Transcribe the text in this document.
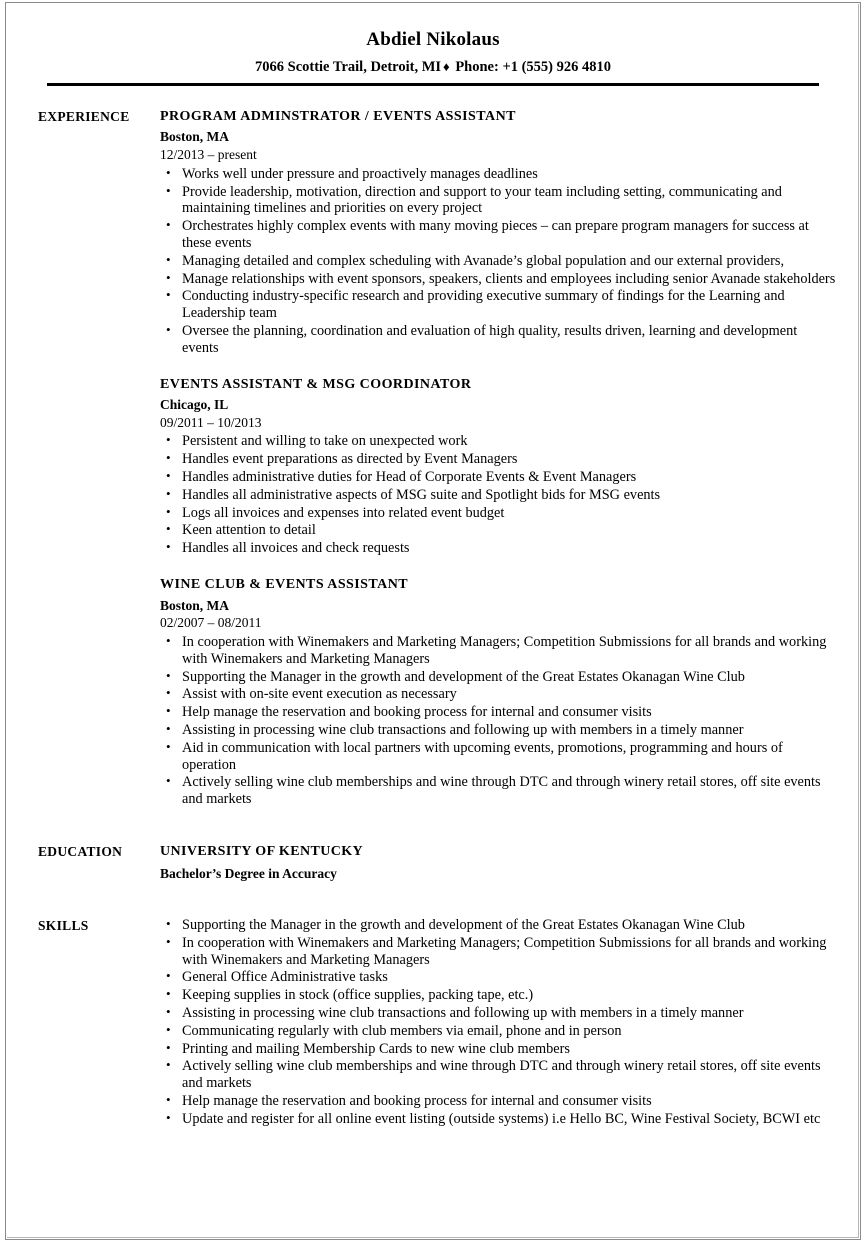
Abdiel Nikolaus
7066 Scottie Trail, Detroit, MI ♦ Phone: +1 (555) 926 4810
EXPERIENCE	PROGRAM ADMINSTRATOR / EVENTS ASSISTANT
Boston, MA
12/2013 – present
• Works well under pressure and proactively manages deadlines
• Provide leadership, motivation, direction and support to your team including setting, communicating and maintaining timelines and priorities on every project
• Orchestrates highly complex events with many moving pieces – can prepare program managers for success at these events
• Managing detailed and complex scheduling with Avanade’s global population and our external providers,
• Manage relationships with event sponsors, speakers, clients and employees including senior Avanade stakeholders
• Conducting industry-specific research and providing executive summary of findings for the Learning and Leadership team
• Oversee the planning, coordination and evaluation of high quality, results driven, learning and development events
EVENTS ASSISTANT & MSG COORDINATOR
Chicago, IL
09/2011 – 10/2013
• Persistent and willing to take on unexpected work
• Handles event preparations as directed by Event Managers
• Handles administrative duties for Head of Corporate Events & Event Managers
• Handles all administrative aspects of MSG suite and Spotlight bids for MSG events
• Logs all invoices and expenses into related event budget
• Keen attention to detail
• Handles all invoices and check requests
WINE CLUB & EVENTS ASSISTANT
Boston, MA
02/2007 – 08/2011
• In cooperation with Winemakers and Marketing Managers; Competition Submissions for all brands and working with Winemakers and Marketing Managers
• Supporting the Manager in the growth and development of the Great Estates Okanagan Wine Club
• Assist with on-site event execution as necessary
• Help manage the reservation and booking process for internal and consumer visits
• Assisting in processing wine club transactions and following up with members in a timely manner
• Aid in communication with local partners with upcoming events, promotions, programming and hours of operation
• Actively selling wine club memberships and wine through DTC and through winery retail stores, off site events and markets
EDUCATION	UNIVERSITY OF KENTUCKY
Bachelor’s Degree in Accuracy
SKILLS	• Supporting the Manager in the growth and development of the Great Estates Okanagan Wine Club
• In cooperation with Winemakers and Marketing Managers; Competition Submissions for all brands and working with Winemakers and Marketing Managers
• General Office Administrative tasks
• Keeping supplies in stock (office supplies, packing tape, etc.)
• Assisting in processing wine club transactions and following up with members in a timely manner
• Communicating regularly with club members via email, phone and in person
• Printing and mailing Membership Cards to new wine club members
• Actively selling wine club memberships and wine through DTC and through winery retail stores, off site events and markets
• Help manage the reservation and booking process for internal and consumer visits
• Update and register for all online event listing (outside systems) i.e Hello BC, Wine Festival Society, BCWI etc
